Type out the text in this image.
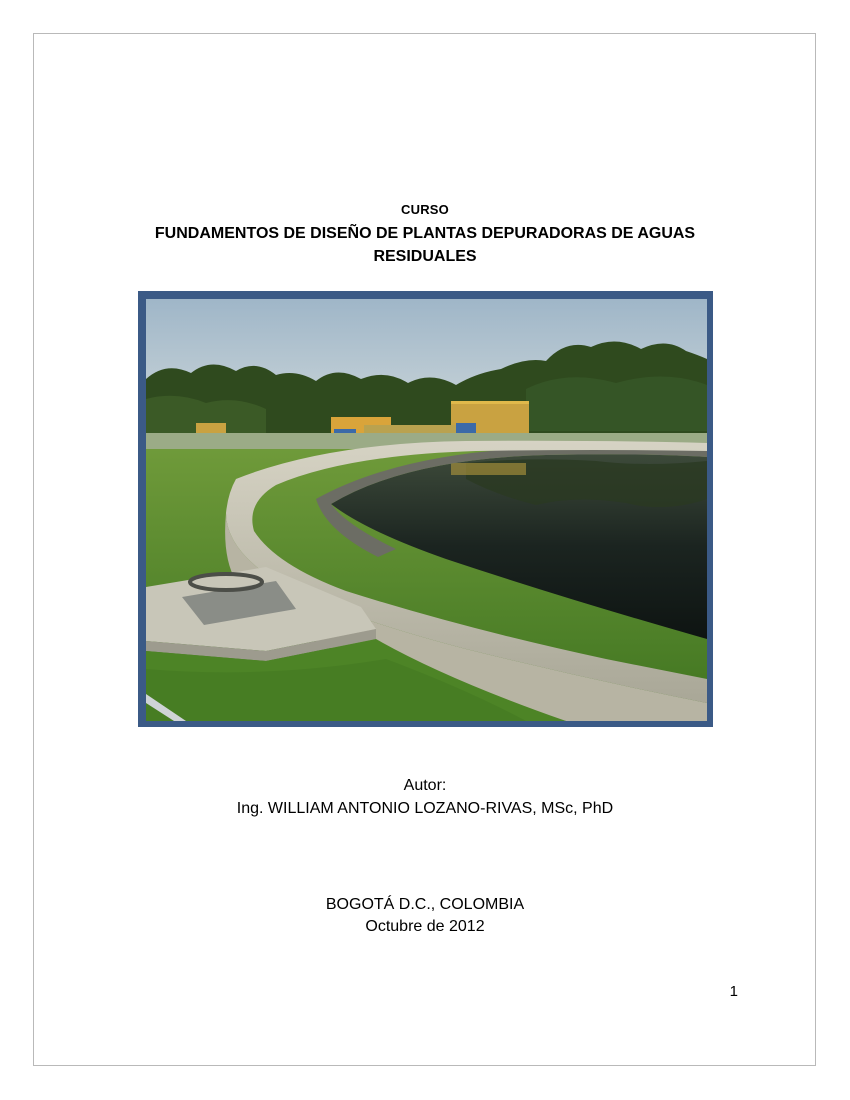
CURSO
FUNDAMENTOS DE DISEÑO DE PLANTAS DEPURADORAS DE AGUAS RESIDUALES
Autor:
Ing. WILLIAM ANTONIO LOZANO-RIVAS, MSc, PhD
BOGOTÁ D.C., COLOMBIA
Octubre de 2012
1
